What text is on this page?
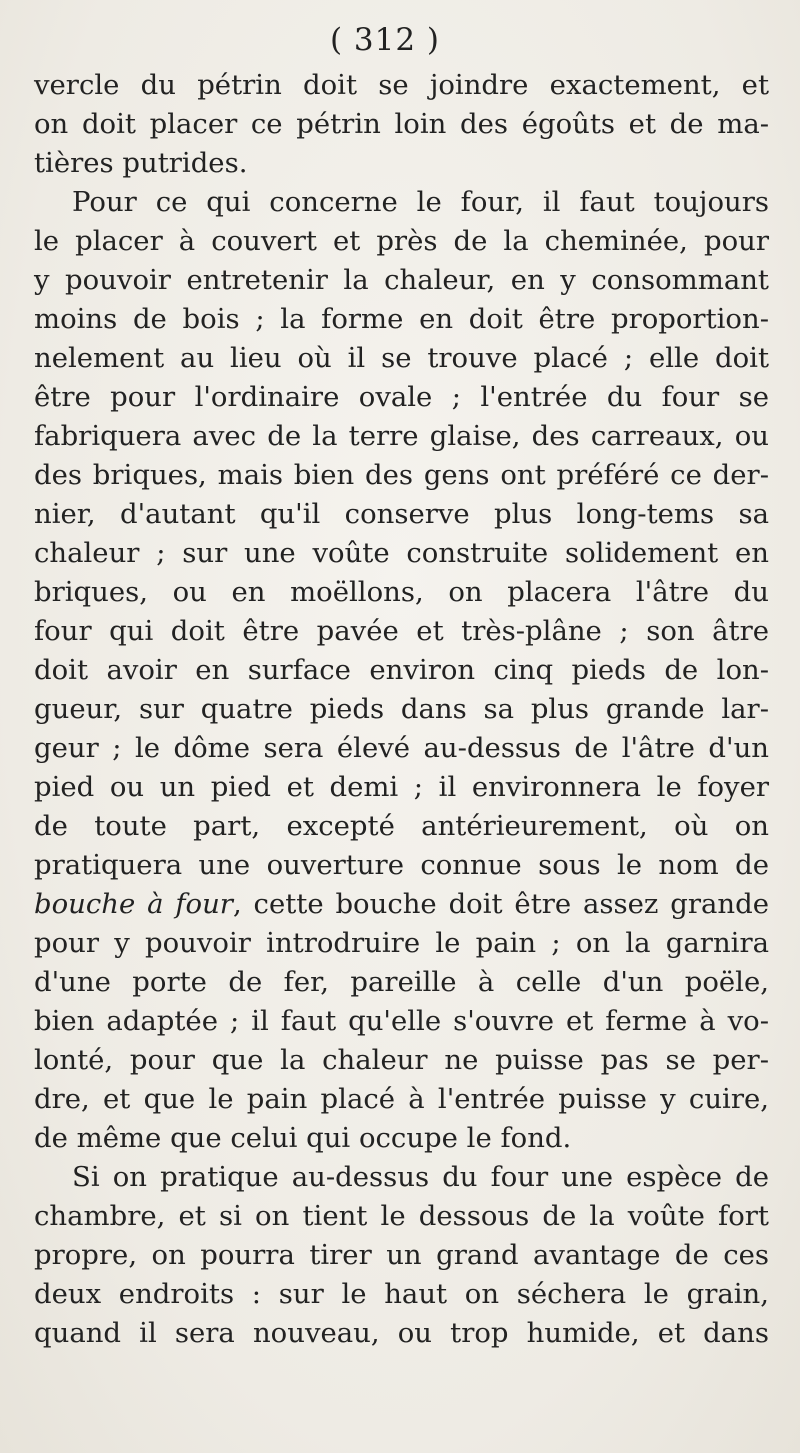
( 312 )
vercle du pétrin doit se joindre exactement, et
on doit placer ce pétrin loin des égoûts et de ma-
tières putrides.
Pour ce qui concerne le four, il faut toujours
le placer à couvert et près de la cheminée, pour
y pouvoir entretenir la chaleur, en y consommant
moins de bois ; la forme en doit être proportion-
nelement au lieu où il se trouve placé ; elle doit
être pour l'ordinaire ovale ; l'entrée du four se
fabriquera avec de la terre glaise, des carreaux, ou
des briques, mais bien des gens ont préféré ce der-
nier, d'autant qu'il conserve plus long-tems sa
chaleur ; sur une voûte construite solidement en
briques, ou en moëllons, on placera l'âtre du
four qui doit être pavée et très-plâne ; son âtre
doit avoir en surface environ cinq pieds de lon-
gueur, sur quatre pieds dans sa plus grande lar-
geur ; le dôme sera élevé au-dessus de l'âtre d'un
pied ou un pied et demi ; il environnera le foyer
de toute part, excepté antérieurement, où on
pratiquera une ouverture connue sous le nom de
bouche à four, cette bouche doit être assez grande
pour y pouvoir introdruire le pain ; on la garnira
d'une porte de fer, pareille à celle d'un poële,
bien adaptée ; il faut qu'elle s'ouvre et ferme à vo-
lonté, pour que la chaleur ne puisse pas se per-
dre, et que le pain placé à l'entrée puisse y cuire,
de même que celui qui occupe le fond.
Si on pratique au-dessus du four une espèce de
chambre, et si on tient le dessous de la voûte fort
propre, on pourra tirer un grand avantage de ces
deux endroits : sur le haut on séchera le grain,
quand il sera nouveau, ou trop humide, et dans
